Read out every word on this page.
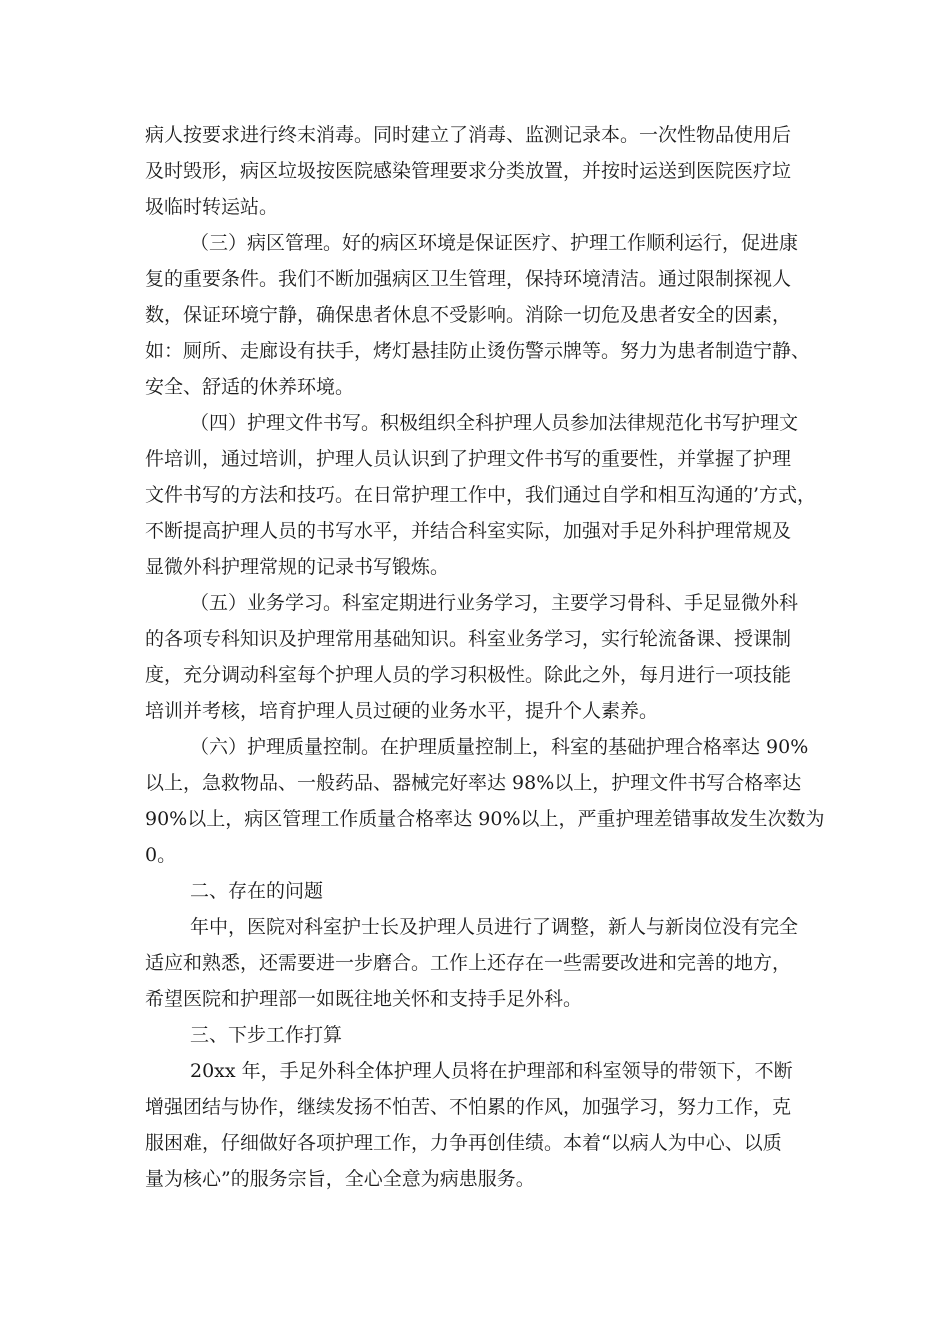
病人按要求进行终末消毒。同时建立了消毒、监测记录本。一次性物品使用后
及时毁形，病区垃圾按医院感染管理要求分类放置，并按时运送到医院医疗垃
圾临时转运站。
（三）病区管理。好的病区环境是保证医疗、护理工作顺利运行，促进康
复的重要条件。我们不断加强病区卫生管理，保持环境清洁。通过限制探视人
数，保证环境宁静，确保患者休息不受影响。消除一切危及患者安全的因素，
如：厕所、走廊设有扶手，烤灯悬挂防止烫伤警示牌等。努力为患者制造宁静、
安全、舒适的休养环境。
（四）护理文件书写。积极组织全科护理人员参加法律规范化书写护理文
件培训，通过培训，护理人员认识到了护理文件书写的重要性，并掌握了护理
文件书写的方法和技巧。在日常护理工作中，我们通过自学和相互沟通的’方式，
不断提高护理人员的书写水平，并结合科室实际，加强对手足外科护理常规及
显微外科护理常规的记录书写锻炼。
（五）业务学习。科室定期进行业务学习，主要学习骨科、手足显微外科
的各项专科知识及护理常用基础知识。科室业务学习，实行轮流备课、授课制
度，充分调动科室每个护理人员的学习积极性。除此之外，每月进行一项技能
培训并考核，培育护理人员过硬的业务水平，提升个人素养。
（六）护理质量控制。在护理质量控制上，科室的基础护理合格率达 90%
以上，急救物品、一般药品、器械完好率达 98%以上，护理文件书写合格率达
90%以上，病区管理工作质量合格率达 90%以上，严重护理差错事故发生次数为
0。
二、存在的问题
年中，医院对科室护士长及护理人员进行了调整，新人与新岗位没有完全
适应和熟悉，还需要进一步磨合。工作上还存在一些需要改进和完善的地方，
希望医院和护理部一如既往地关怀和支持手足外科。
三、下步工作打算
20xx 年，手足外科全体护理人员将在护理部和科室领导的带领下，不断
增强团结与协作，继续发扬不怕苦、不怕累的作风，加强学习，努力工作，克
服困难，仔细做好各项护理工作，力争再创佳绩。本着“以病人为中心、以质
量为核心”的服务宗旨，全心全意为病患服务。
